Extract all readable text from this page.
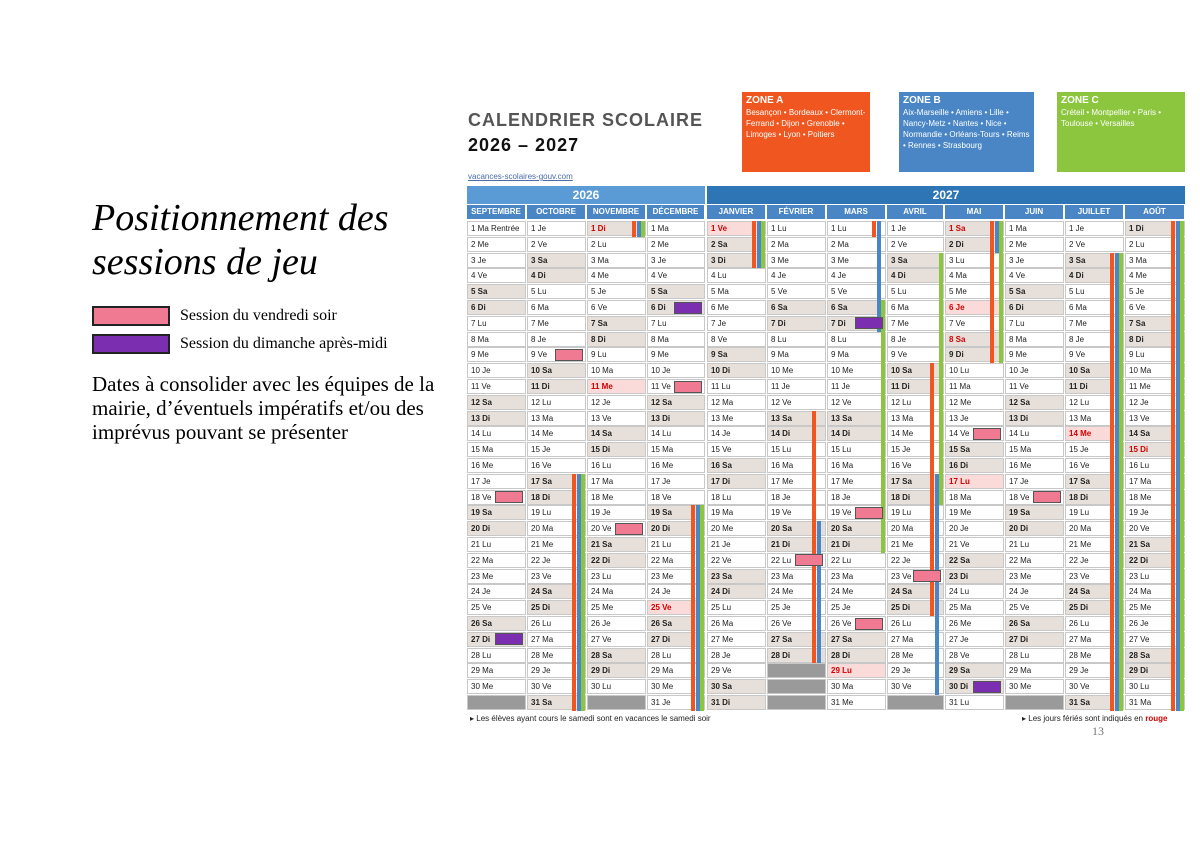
Positionnement des sessions de jeu
Session du vendredi soir
Session du dimanche après-midi
Dates à consolider avec les équipes de la mairie, d’éventuels impératifs et/ou des imprévus pouvant se présenter
CALENDRIER SCOLAIRE
2026 – 2027
vacances-scolaires-gouv.com
ZONE A
Besançon • Bordeaux • Clermont-Ferrand • Dijon • Grenoble • Limoges • Lyon • Poitiers
ZONE B
Aix-Marseille • Amiens • Lille • Nancy-Metz • Nantes • Nice • Normandie • Orléans-Tours • Reims • Rennes • Strasbourg
ZONE C
Créteil • Montpellier • Paris • Toulouse • Versailles
2026	2027
SEPTEMBRE
1 Ma Rentrée
2 Me
3 Je
4 Ve
5 Sa
6 Di
7 Lu
8 Ma
9 Me
10 Je
11 Ve
12 Sa
13 Di
14 Lu
15 Ma
16 Me
17 Je
18 Ve
19 Sa
20 Di
21 Lu
22 Ma
23 Me
24 Je
25 Ve
26 Sa
27 Di
28 Lu
29 Ma
30 Me
OCTOBRE
1 Je
2 Ve
3 Sa
4 Di
5 Lu
6 Ma
7 Me
8 Je
9 Ve
10 Sa
11 Di
12 Lu
13 Ma
14 Me
15 Je
16 Ve
17 Sa
18 Di
19 Lu
20 Ma
21 Me
22 Je
23 Ve
24 Sa
25 Di
26 Lu
27 Ma
28 Me
29 Je
30 Ve
31 Sa
NOVEMBRE
1 Di
2 Lu
3 Ma
4 Me
5 Je
6 Ve
7 Sa
8 Di
9 Lu
10 Ma
11 Me
12 Je
13 Ve
14 Sa
15 Di
16 Lu
17 Ma
18 Me
19 Je
20 Ve
21 Sa
22 Di
23 Lu
24 Ma
25 Me
26 Je
27 Ve
28 Sa
29 Di
30 Lu
DÉCEMBRE
1 Ma
2 Me
3 Je
4 Ve
5 Sa
6 Di
7 Lu
8 Ma
9 Me
10 Je
11 Ve
12 Sa
13 Di
14 Lu
15 Ma
16 Me
17 Je
18 Ve
19 Sa
20 Di
21 Lu
22 Ma
23 Me
24 Je
25 Ve
26 Sa
27 Di
28 Lu
29 Ma
30 Me
31 Je
JANVIER
1 Ve
2 Sa
3 Di
4 Lu
5 Ma
6 Me
7 Je
8 Ve
9 Sa
10 Di
11 Lu
12 Ma
13 Me
14 Je
15 Ve
16 Sa
17 Di
18 Lu
19 Ma
20 Me
21 Je
22 Ve
23 Sa
24 Di
25 Lu
26 Ma
27 Me
28 Je
29 Ve
30 Sa
31 Di
FÉVRIER
1 Lu
2 Ma
3 Me
4 Je
5 Ve
6 Sa
7 Di
8 Lu
9 Ma
10 Me
11 Je
12 Ve
13 Sa
14 Di
15 Lu
16 Ma
17 Me
18 Je
19 Ve
20 Sa
21 Di
22 Lu
23 Ma
24 Me
25 Je
26 Ve
27 Sa
28 Di
MARS
1 Lu
2 Ma
3 Me
4 Je
5 Ve
6 Sa
7 Di
8 Lu
9 Ma
10 Me
11 Je
12 Ve
13 Sa
14 Di
15 Lu
16 Ma
17 Me
18 Je
19 Ve
20 Sa
21 Di
22 Lu
23 Ma
24 Me
25 Je
26 Ve
27 Sa
28 Di
29 Lu
30 Ma
31 Me
AVRIL
1 Je
2 Ve
3 Sa
4 Di
5 Lu
6 Ma
7 Me
8 Je
9 Ve
10 Sa
11 Di
12 Lu
13 Ma
14 Me
15 Je
16 Ve
17 Sa
18 Di
19 Lu
20 Ma
21 Me
22 Je
23 Ve
24 Sa
25 Di
26 Lu
27 Ma
28 Me
29 Je
30 Ve
MAI
1 Sa
2 Di
3 Lu
4 Ma
5 Me
6 Je
7 Ve
8 Sa
9 Di
10 Lu
11 Ma
12 Me
13 Je
14 Ve
15 Sa
16 Di
17 Lu
18 Ma
19 Me
20 Je
21 Ve
22 Sa
23 Di
24 Lu
25 Ma
26 Me
27 Je
28 Ve
29 Sa
30 Di
31 Lu
JUIN
1 Ma
2 Me
3 Je
4 Ve
5 Sa
6 Di
7 Lu
8 Ma
9 Me
10 Je
11 Ve
12 Sa
13 Di
14 Lu
15 Ma
16 Me
17 Je
18 Ve
19 Sa
20 Di
21 Lu
22 Ma
23 Me
24 Je
25 Ve
26 Sa
27 Di
28 Lu
29 Ma
30 Me
JUILLET
1 Je
2 Ve
3 Sa
4 Di
5 Lu
6 Ma
7 Me
8 Je
9 Ve
10 Sa
11 Di
12 Lu
13 Ma
14 Me
15 Je
16 Ve
17 Sa
18 Di
19 Lu
20 Ma
21 Me
22 Je
23 Ve
24 Sa
25 Di
26 Lu
27 Ma
28 Me
29 Je
30 Ve
31 Sa
AOÛT
1 Di
2 Lu
3 Ma
4 Me
5 Je
6 Ve
7 Sa
8 Di
9 Lu
10 Ma
11 Me
12 Je
13 Ve
14 Sa
15 Di
16 Lu
17 Ma
18 Me
19 Je
20 Ve
21 Sa
22 Di
23 Lu
24 Ma
25 Me
26 Je
27 Ve
28 Sa
29 Di
30 Lu
31 Ma
▸ Les élèves ayant cours le samedi sont en vacances le samedi soir	▸ Les jours fériés sont indiqués en rouge
13
